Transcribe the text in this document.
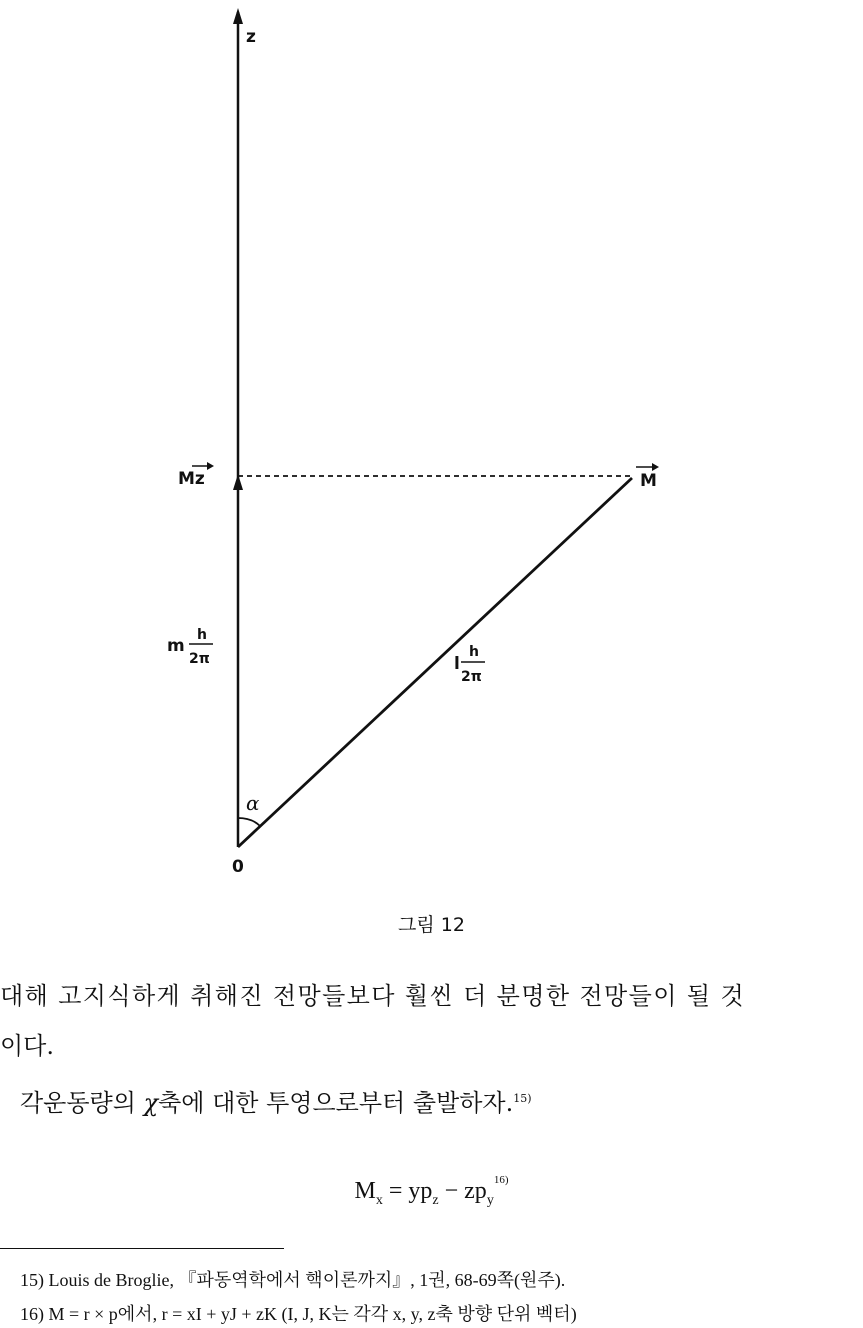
z
Mz	M
m
h
2π	l
h
2π
α
0
그림 12
대해 고지식하게 취해진 전망들보다 훨씬 더 분명한 전망들이 될 것
이다.
각운동량의 χ축에 대한 투영으로부터 출발하자.$^{15)}$
$M_x = yp_z - zp_y^{16)}$
15) Louis de Broglie, 『파동역학에서 핵이론까지』, 1권, 68-69쪽(원주).
16) M = r × p에서, r = xI + yJ + zK (I, J, K는 각각 x, y, z축 방향 단위 벡터)
